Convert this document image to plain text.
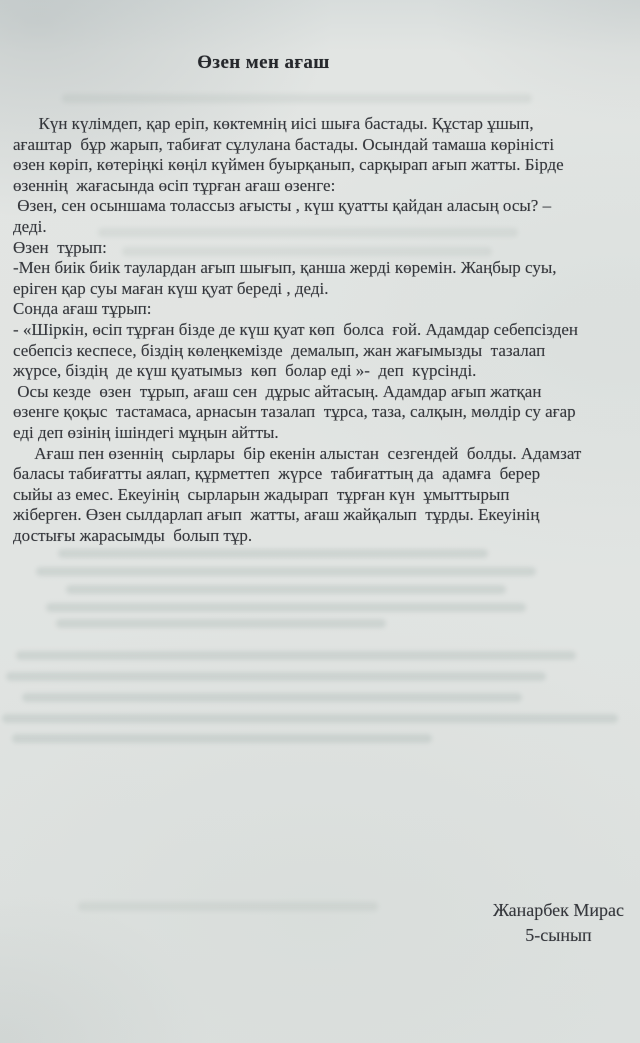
Өзен мен ағаш
Күн күлімдеп, қар еріп, көктемнің иісі шыға бастады. Құстар ұшып,
ағаштар  бұр жарып, табиғат сұлулана бастады. Осындай тамаша көріністі
өзен көріп, көтеріңкі көңіл күймен буырқанып, сарқырап ағып жатты. Бірде
өзеннің  жағасында өсіп тұрған ағаш өзенге:
Өзен, сен осыншама толассыз ағысты , күш қуатты қайдан аласың осы? –
деді.
Өзен  тұрып:
-Мен биік биік таулардан ағып шығып, қанша жерді көремін. Жаңбыр суы,
еріген қар суы маған күш қуат береді , деді.
Сонда ағаш тұрып:
- «Шіркін, өсіп тұрған бізде де күш қуат көп  болса  ғой. Адамдар себепсізден
себепсіз кеспесе, біздің көлеңкемізде  демалып, жан жағымызды  тазалап
жүрсе, біздің  де күш қуатымыз  көп  болар еді »-  деп  күрсінді.
Осы кезде  өзен  тұрып, ағаш сен  дұрыс айтасың. Адамдар ағып жатқан
өзенге қоқыс  тастамаса, арнасын тазалап  тұрса, таза, салқын, мөлдір су ағар
еді деп өзінің ішіндегі мұңын айтты.
Ағаш пен өзеннің  сырлары  бір екенін алыстан  сезгендей  болды. Адамзат
баласы табиғатты аялап, құрметтеп  жүрсе  табиғаттың да  адамға  берер
сыйы аз емес. Екеуінің  сырларын жадырап  тұрған күн  ұмыттырып
жіберген. Өзен сылдарлап ағып  жатты, ағаш жайқалып  тұрды. Екеуінің
достығы жарасымды  болып тұр.
Жанарбек Мирас
5-сынып
